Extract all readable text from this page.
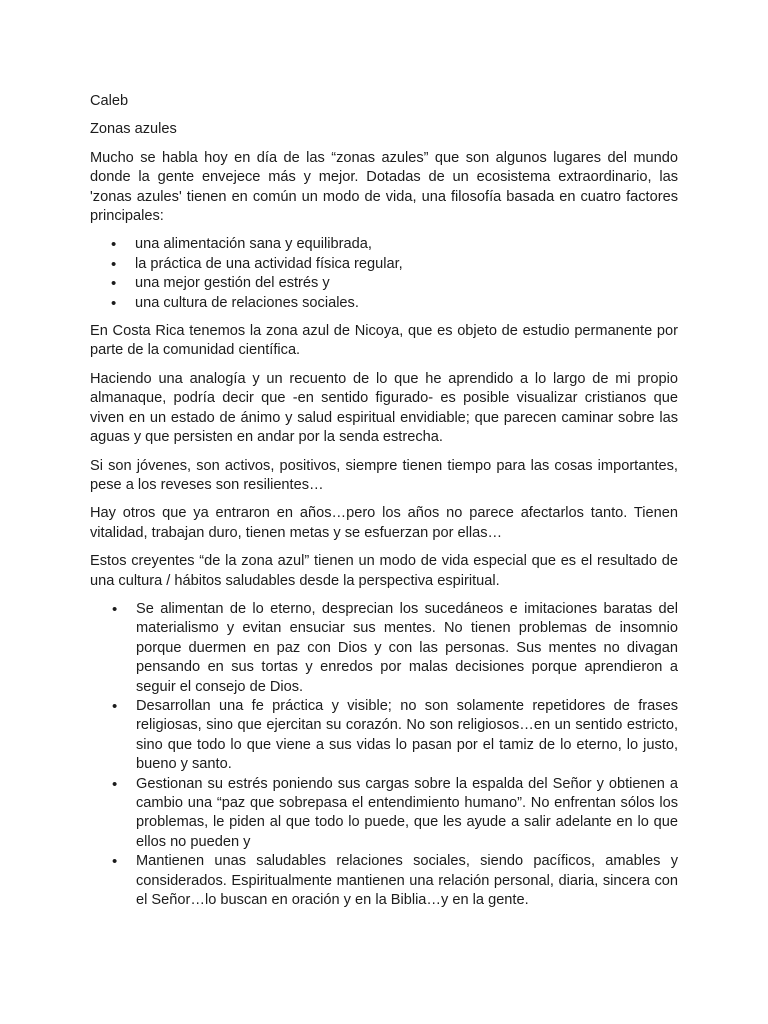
Caleb

Zonas azules

Mucho se habla hoy en día de las “zonas azules” que son algunos lugares del mundo donde la gente envejece más y mejor. Dotadas de un ecosistema extraordinario, las 'zonas azules' tienen en común un modo de vida, una filosofía basada en cuatro factores principales:

• una alimentación sana y equilibrada,
• la práctica de una actividad física regular,
• una mejor gestión del estrés y
• una cultura de relaciones sociales.

En Costa Rica tenemos la zona azul de Nicoya, que es objeto de estudio permanente por parte de la comunidad científica.

Haciendo una analogía y un recuento de lo que he aprendido a lo largo de mi propio almanaque, podría decir que -en sentido figurado- es posible visualizar cristianos que viven en un estado de ánimo y salud espiritual envidiable; que parecen caminar sobre las aguas y que persisten en andar por la senda estrecha.

Si son jóvenes, son activos, positivos, siempre tienen tiempo para las cosas importantes, pese a los reveses son resilientes…

Hay otros que ya entraron en años…pero los años no parece afectarlos tanto. Tienen vitalidad, trabajan duro, tienen metas y se esfuerzan por ellas…

Estos creyentes “de la zona azul” tienen un modo de vida especial que es el resultado de una cultura / hábitos saludables desde la perspectiva espiritual.

• Se alimentan de lo eterno, desprecian los sucedáneos e imitaciones baratas del materialismo y evitan ensuciar sus mentes. No tienen problemas de insomnio porque duermen en paz con Dios y con las personas. Sus mentes no divagan pensando en sus tortas y enredos por malas decisiones porque aprendieron a seguir el consejo de Dios.
• Desarrollan una fe práctica y visible; no son solamente repetidores de frases religiosas, sino que ejercitan su corazón. No son religiosos…en un sentido estricto, sino que todo lo que viene a sus vidas lo pasan por el tamiz de lo eterno, lo justo, bueno y santo.
• Gestionan su estrés poniendo sus cargas sobre la espalda del Señor y obtienen a cambio una “paz que sobrepasa el entendimiento humano”. No enfrentan sólos los problemas, le piden al que todo lo puede, que les ayude a salir adelante en lo que ellos no pueden y
• Mantienen unas saludables relaciones sociales, siendo pacíficos, amables y considerados. Espiritualmente mantienen una relación personal, diaria, sincera con el Señor…lo buscan en oración y en la Biblia…y en la gente.
